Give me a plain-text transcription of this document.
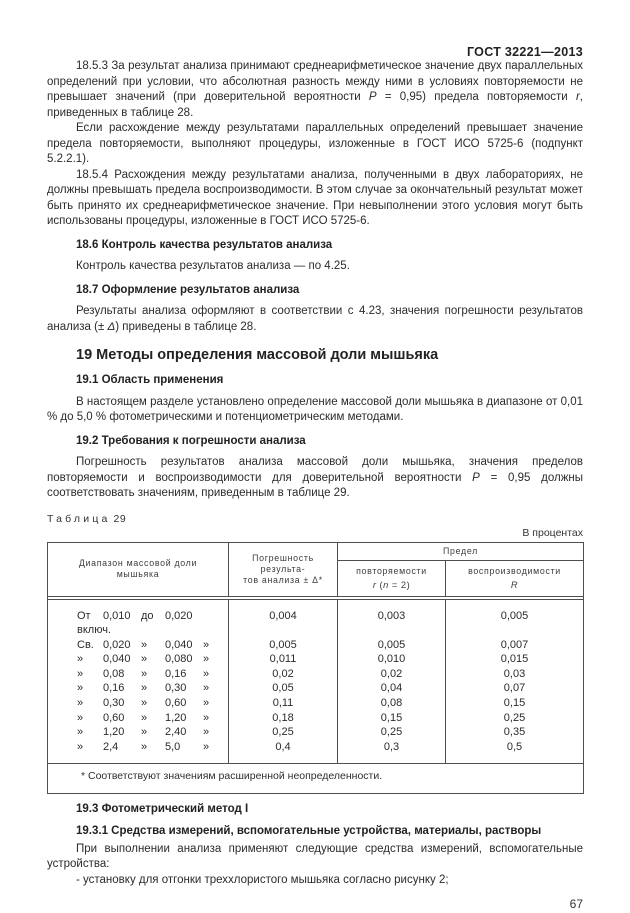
ГОСТ 32221—2013

18.5.3 За результат анализа принимают среднеарифметическое значение двух параллельных определений при условии, что абсолютная разность между ними в условиях повторяемости не превышает значений (при доверительной вероятности P = 0,95) предела повторяемости r, приведенных в таблице 28.

Если расхождение между результатами параллельных определений превышает значение предела повторяемости, выполняют процедуры, изложенные в ГОСТ ИСО 5725-6 (подпункт 5.2.2.1).

18.5.4 Расхождения между результатами анализа, полученными в двух лабораториях, не должны превышать предела воспроизводимости. В этом случае за окончательный результат может быть принято их среднеарифметическое значение. При невыполнении этого условия могут быть использованы процедуры, изложенные в ГОСТ ИСО 5725-6.

18.6 Контроль качества результатов анализа

Контроль качества результатов анализа — по 4.25.

18.7 Оформление результатов анализа

Результаты анализа оформляют в соответствии с 4.23, значения погрешности результатов анализа (± Δ) приведены в таблице 28.

19 Методы определения массовой доли мышьяка
19.1 Область применения

В настоящем разделе установлено определение массовой доли мышьяка в диапазоне от 0,01 % до 5,0 % фотометрическими и потенциометрическим методами.

19.2 Требования к погрешности анализа

Погрешность результатов анализа массовой доли мышьяка, значения пределов повторяемости и воспроизводимости для доверительной вероятности P = 0,95 должны соответствовать значениям, приведенным в таблице 29.

Таблица 29
В процентах
Диапазон массовой доли
мышьяка

Погрешность результа-
тов анализа ± Δ*
	Предел

повторяемости
r (n = 2)

воспроизводимости
R

От 0,010 до 0,020включ.	0,004	0,003	0,005
Св. 0,020 » 0,040 »	0,005	0,005	0,007
» 0,040 » 0,080 »	0,011	0,010	0,015
» 0,08 » 0,16 »	0,02	0,02	0,03
» 0,16 » 0,30 »	0,05	0,04	0,07
» 0,30 » 0,60 »	0,11	0,08	0,15
» 0,60 » 1,20 »	0,18	0,15	0,25
» 1,20 » 2,40 »	0,25	0,25	0,35
» 2,4 » 5,0 »	0,4	0,3	0,5

* Соответствуют значениям расширенной неопределенности.			
19.3 Фотометрический метод I
19.3.1 Средства измерений, вспомогательные устройства, материалы, растворы

При выполнении анализа применяют следующие средства измерений, вспомогательные устройства:

- установку для отгонки треххлористого мышьяка согласно рисунку 2;

67
